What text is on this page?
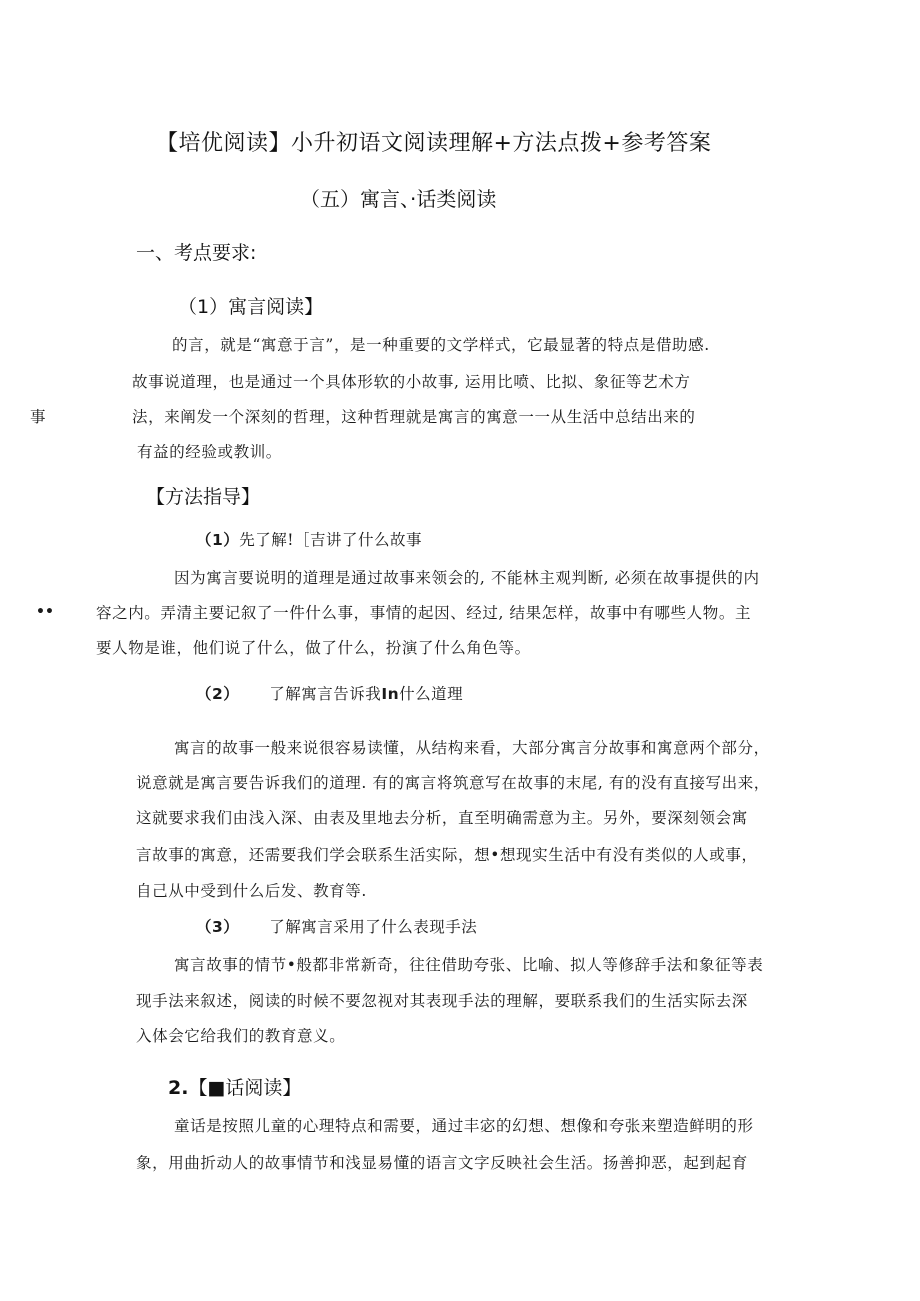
【培优阅读】小升初语文阅读理解+方法点拨+参考答案
（五）寓言、·话类阅读
一、考点要求:
（1）寓言阅读】
的言，就是“寓意于言”，是一种重要的文学样式，它最显著的特点是借助感.
故事说道理，也是通过一个具体形软的小故事, 运用比喷、比拟、象征等艺术方
事	法，来阐发一个深刻的哲理，这种哲理就是寓言的寓意一一从生活中总结出来的
有益的经验或教训。
【方法指导】
（1）先了解!［吉讲了什么故事
因为寓言要说明的道理是通过故事来领会的, 不能林主观判断, 必须在故事提供的内
••	容之内。弄清主要记叙了一件什么事，事情的起因、经过, 结果怎样，故事中有哪些人物。主
要人物是谁，他们说了什么，做了什么，扮演了什么角色等。
（2） 了解寓言告诉我In什么道理
寓言的故事一般来说很容易读懂，从结构来看，大部分寓言分故事和寓意两个部分，
说意就是寓言要告诉我们的道理. 有的寓言将筑意写在故事的末尾, 有的没有直接写出来，
这就要求我们由浅入深、由表及里地去分析，直至明确需意为主。另外，要深刻领会寓
言故事的寓意，还需要我们学会联系生活实际，想•想现实生活中有没有类似的人或事，
自己从中受到什么后发、教育等.
（3） 了解寓言采用了什么表现手法
寓言故事的情节•般都非常新奇，往往借助夸张、比喻、拟人等修辞手法和象征等表
现手法来叙述，阅读的时候不要忽视对其表现手法的理解，要联系我们的生活实际去深
入体会它给我们的教育意义。
2.【■话阅读】
童话是按照儿童的心理特点和需要，通过丰宓的幻想、想像和夸张来塑造鲜明的形
象，用曲折动人的故事情节和浅显易懂的语言文字反映社会生活。扬善抑恶，起到起育
